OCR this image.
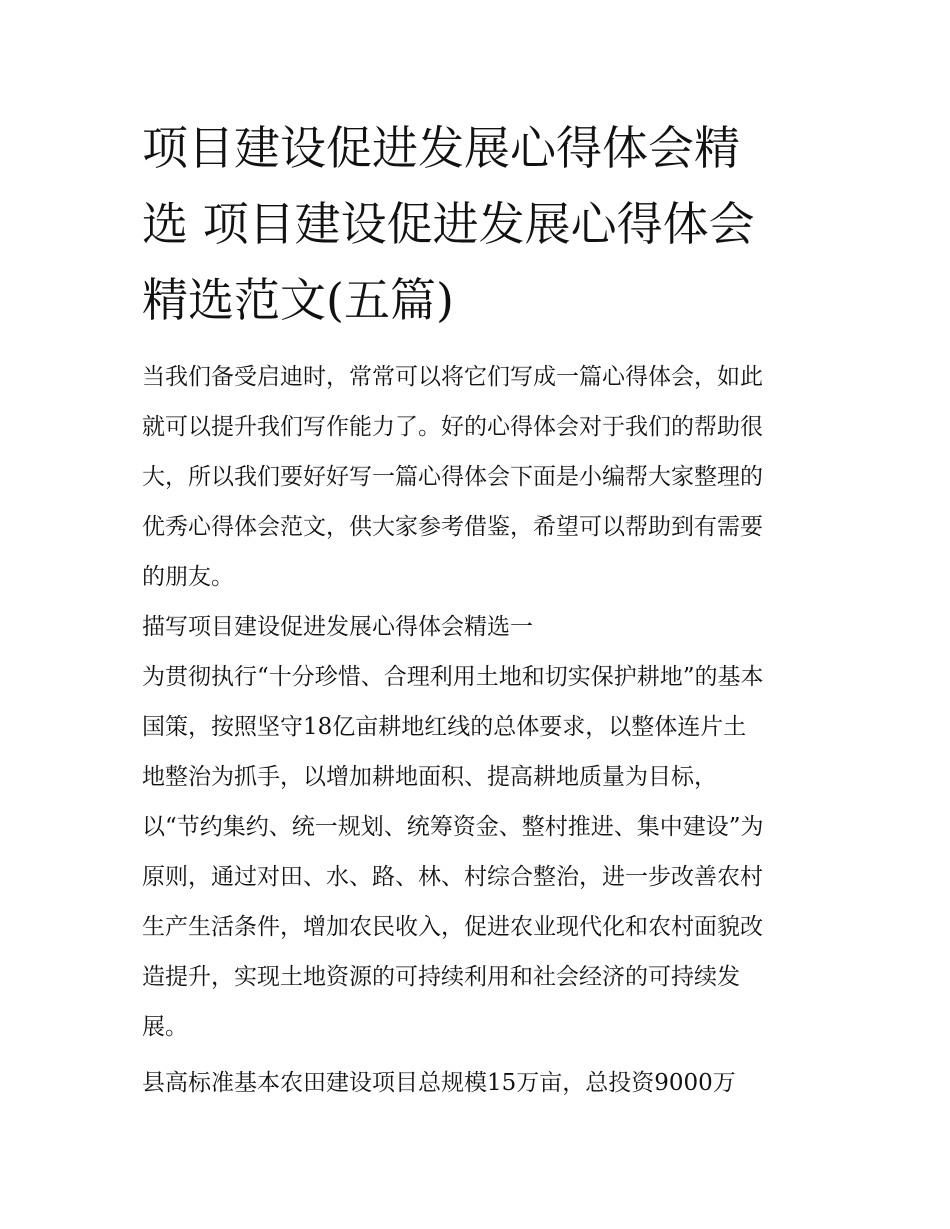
项目建设促进发展心得体会精
选 项目建设促进发展心得体会
精选范文(五篇)

当我们备受启迪时，常常可以将它们写成一篇心得体会，如此
就可以提升我们写作能力了。好的心得体会对于我们的帮助很
大，所以我们要好好写一篇心得体会下面是小编帮大家整理的
优秀心得体会范文，供大家参考借鉴，希望可以帮助到有需要
的朋友。

描写项目建设促进发展心得体会精选一

为贯彻执行“十分珍惜、合理利用土地和切实保护耕地”的基本
国策，按照坚守18亿亩耕地红线的总体要求，以整体连片土
地整治为抓手，以增加耕地面积、提高耕地质量为目标，
以“节约集约、统一规划、统筹资金、整村推进、集中建设”为
原则，通过对田、水、路、林、村综合整治，进一步改善农村
生产生活条件，增加农民收入，促进农业现代化和农村面貌改
造提升，实现土地资源的可持续利用和社会经济的可持续发
展。

县高标准基本农田建设项目总规模15万亩，总投资9000万
